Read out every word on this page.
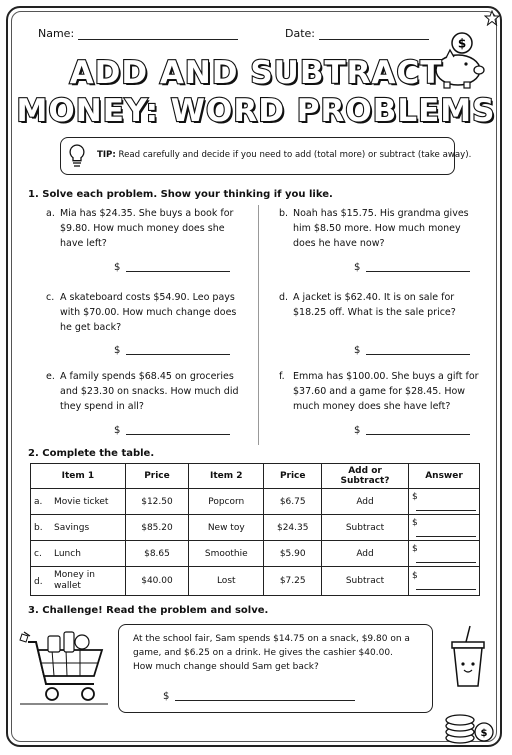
Name:	Date:
$
ADD AND SUBTRACT
MONEY: WORD PROBLEMS
TIP: Read carefully and decide if you need to add (total more) or subtract (take away).
1. Solve each problem. Show your thinking if you like.
a. Mia has $24.35. She buys a book for $9.80. How much money does she have left?
$
b. Noah has $15.75. His grandma gives him $8.50 more. How much money does he have now?
$
c. A skateboard costs $54.90. Leo pays with $70.00. How much change does he get back?
$
d. A jacket is $62.40. It is on sale for $18.25 off. What is the sale price?
$
e. A family spends $68.45 on groceries and $23.30 on snacks. How much did they spend in all?
$
f. Emma has $100.00. She buys a gift for $37.60 and a game for $28.45. How much money does she have left?
$
2. Complete the table.
Item 1	Price	Item 2	Price	Add or Subtract?	Answer
a. Movie ticket	$12.50	Popcorn	$6.75	Add	$
b. Savings	$85.20	New toy	$24.35	Subtract	$
c. Lunch	$8.65	Smoothie	$5.90	Add	$
d.Money in wallet	$40.00	Lost	$7.25	Subtract	$
3. Challenge! Read the problem and solve.
At the school fair, Sam spends $14.75 on a snack, $9.80 on a game, and $6.25 on a drink. He gives the cashier $40.00.
How much change should Sam get back?
$
$
